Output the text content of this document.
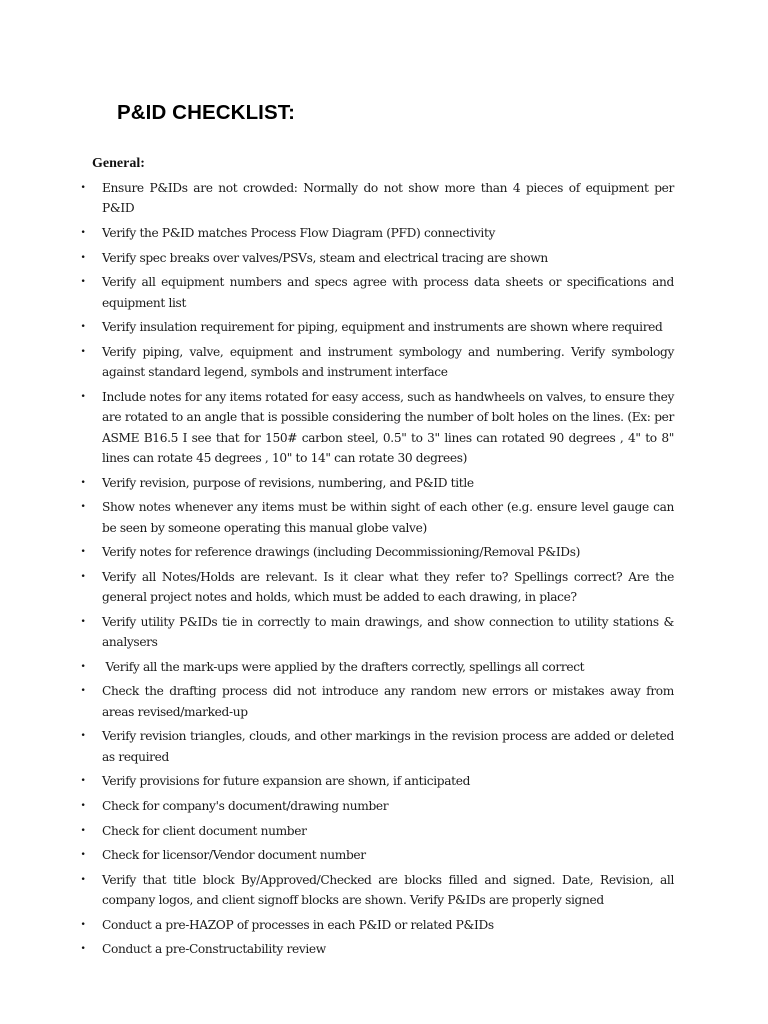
P&ID CHECKLIST:
General:
• Ensure P&IDs are not crowded: Normally do not show more than 4 pieces of equipment per P&ID
• Verify the P&ID matches Process Flow Diagram (PFD) connectivity
• Verify spec breaks over valves/PSVs, steam and electrical tracing are shown
• Verify all equipment numbers and specs agree with process data sheets or specifications and equipment list
• Verify insulation requirement for piping, equipment and instruments are shown where required
• Verify piping, valve, equipment and instrument symbology and numbering. Verify symbology against standard legend, symbols and instrument interface
• Include notes for any items rotated for easy access, such as handwheels on valves, to ensure they are rotated to an angle that is possible considering the number of bolt holes on the lines. (Ex: per ASME B16.5 I see that for 150# carbon steel, 0.5" to 3" lines can rotated 90 degrees , 4" to 8" lines can rotate 45 degrees , 10" to 14" can rotate 30 degrees)
• Verify revision, purpose of revisions, numbering, and P&ID title
• Show notes whenever any items must be within sight of each other (e.g. ensure level gauge can be seen by someone operating this manual globe valve)
• Verify notes for reference drawings (including Decommissioning/Removal P&IDs)
• Verify all Notes/Holds are relevant. Is it clear what they refer to? Spellings correct? Are the general project notes and holds, which must be added to each drawing, in place?
• Verify utility P&IDs tie in correctly to main drawings, and show connection to utility stations & analysers
• Verify all the mark-ups were applied by the drafters correctly, spellings all correct
• Check the drafting process did not introduce any random new errors or mistakes away from areas revised/marked-up
• Verify revision triangles, clouds, and other markings in the revision process are added or deleted as required
• Verify provisions for future expansion are shown, if anticipated
• Check for company's document/drawing number
• Check for client document number
• Check for licensor/Vendor document number
• Verify that title block By/Approved/Checked are blocks filled and signed. Date, Revision, all company logos, and client signoff blocks are shown. Verify P&IDs are properly signed
• Conduct a pre-HAZOP of processes in each P&ID or related P&IDs
• Conduct a pre-Constructability review
